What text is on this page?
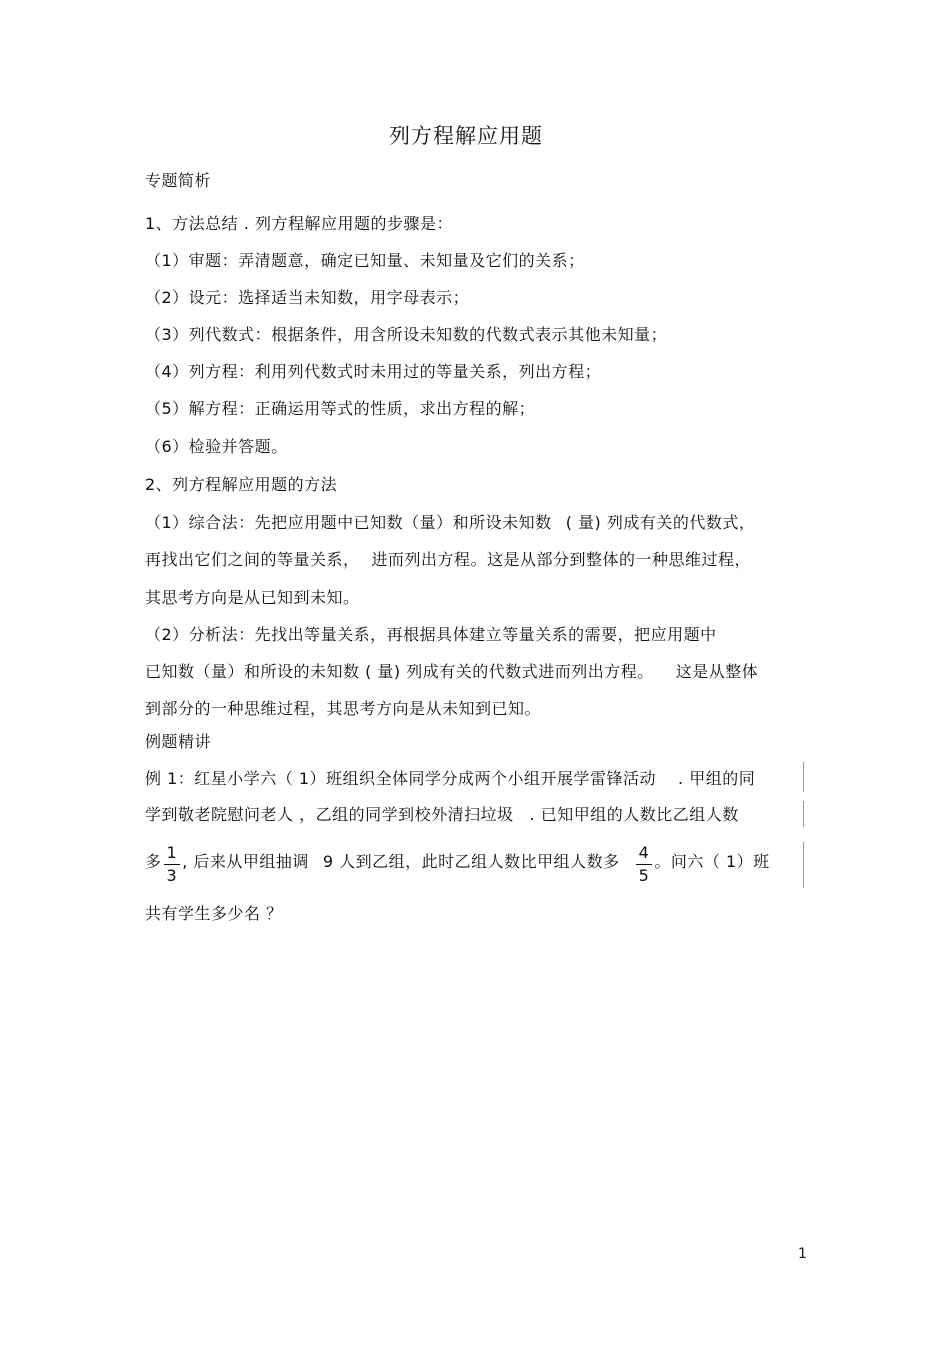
列方程解应用题
专题简析
1、方法总结 . 列方程解应用题的步骤是：
（1）审题：弄清题意，确定已知量、未知量及它们的关系；
（2）设元：选择适当未知数，用字母表示；
（3）列代数式：根据条件，用含所设未知数的代数式表示其他未知量；
（4）列方程：利用列代数式时未用过的等量关系，列出方程；
（5）解方程：正确运用等式的性质，求出方程的解；
（6）检验并答题。
2、列方程解应用题的方法
（1）综合法：先把应用题中已知数（量）和所设未知数 ( 量) 列成有关的代数式，
再找出它们之间的等量关系， 进而列出方程。这是从部分到整体的一种思维过程，
其思考方向是从已知到未知。
（2）分析法：先找出等量关系，再根据具体建立等量关系的需要，把应用题中
已知数（量）和所设的未知数 ( 量) 列成有关的代数式进而列出方程。 这是从整体
到部分的一种思维过程，其思考方向是从未知到已知。
例题精讲
例 1：红星小学六（ 1）班组织全体同学分成两个小组开展学雷锋活动 . 甲组的同
学到敬老院慰问老人 ，乙组的同学到校外清扫垃圾 . 已知甲组的人数比乙组人数
多 $\frac{1}{3}$ , 后来从甲组抽调 9 人到乙组，此时乙组人数比甲组人数多 $\frac{4}{5}$ 。问六（ 1）班
共有学生多少名 ？
1
